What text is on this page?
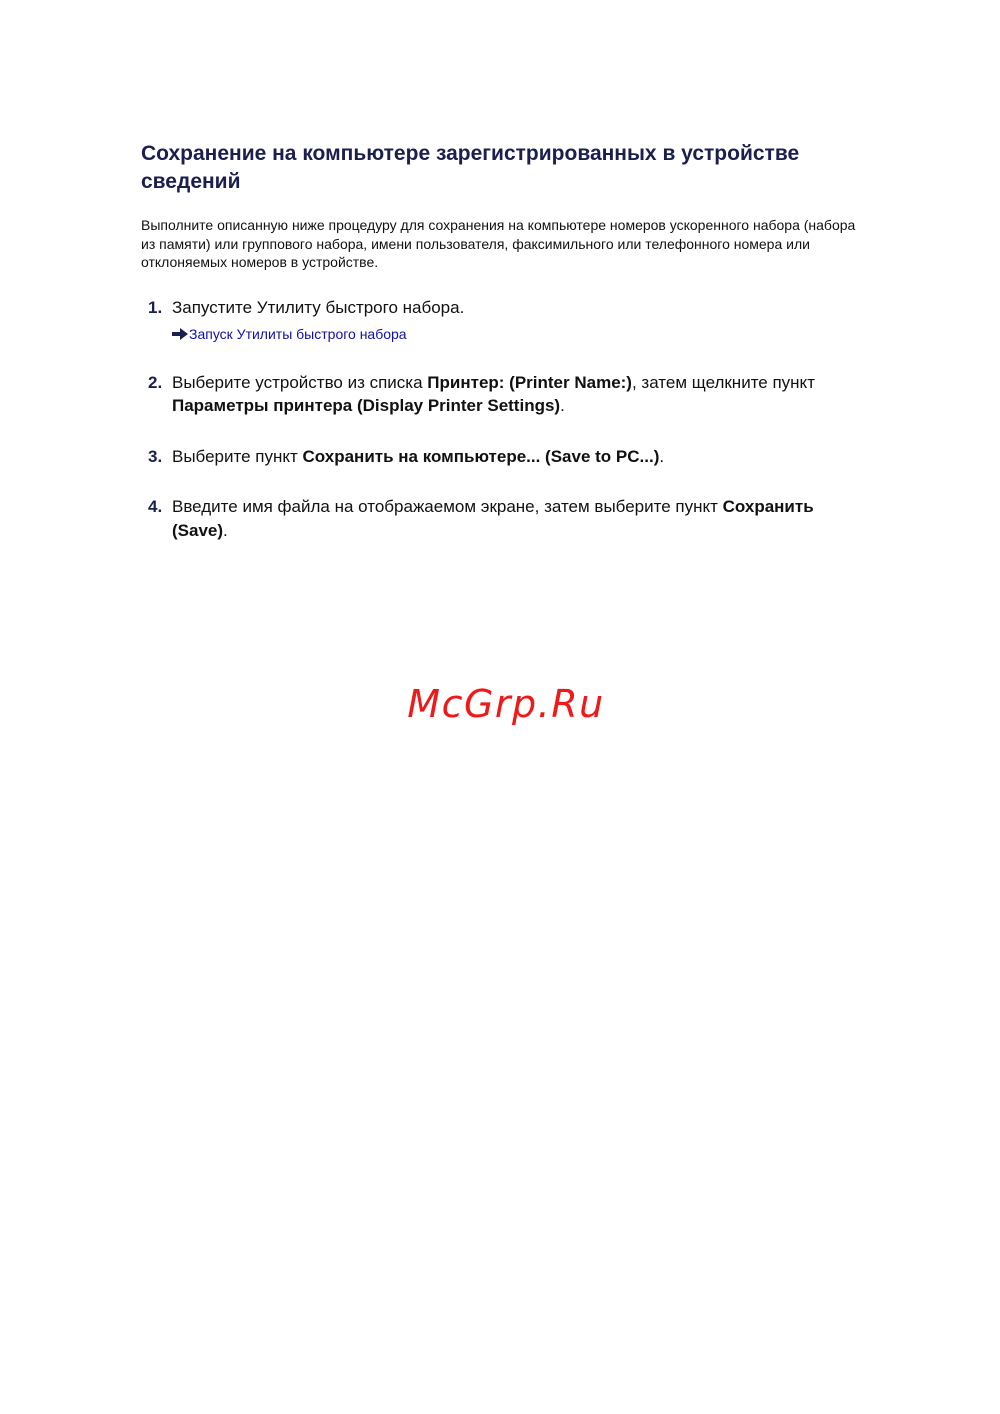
Сохранение на компьютере зарегистрированных в устройстве сведений

Выполните описанную ниже процедуру для сохранения на компьютере номеров ускоренного набора (набора из памяти) или группового набора, имени пользователя, факсимильного или телефонного номера или отклоняемых номеров в устройстве.

1. Запустите Утилиту быстрого набора.
Запуск Утилиты быстрого набора
2. Выберите устройство из списка Принтер: (Printer Name:), затем щелкните пункт Параметры принтера (Display Printer Settings).
3. Выберите пункт Сохранить на компьютере... (Save to PC...).
4. Введите имя файла на отображаемом экране, затем выберите пункт Сохранить (Save).
McGrp.Ru
